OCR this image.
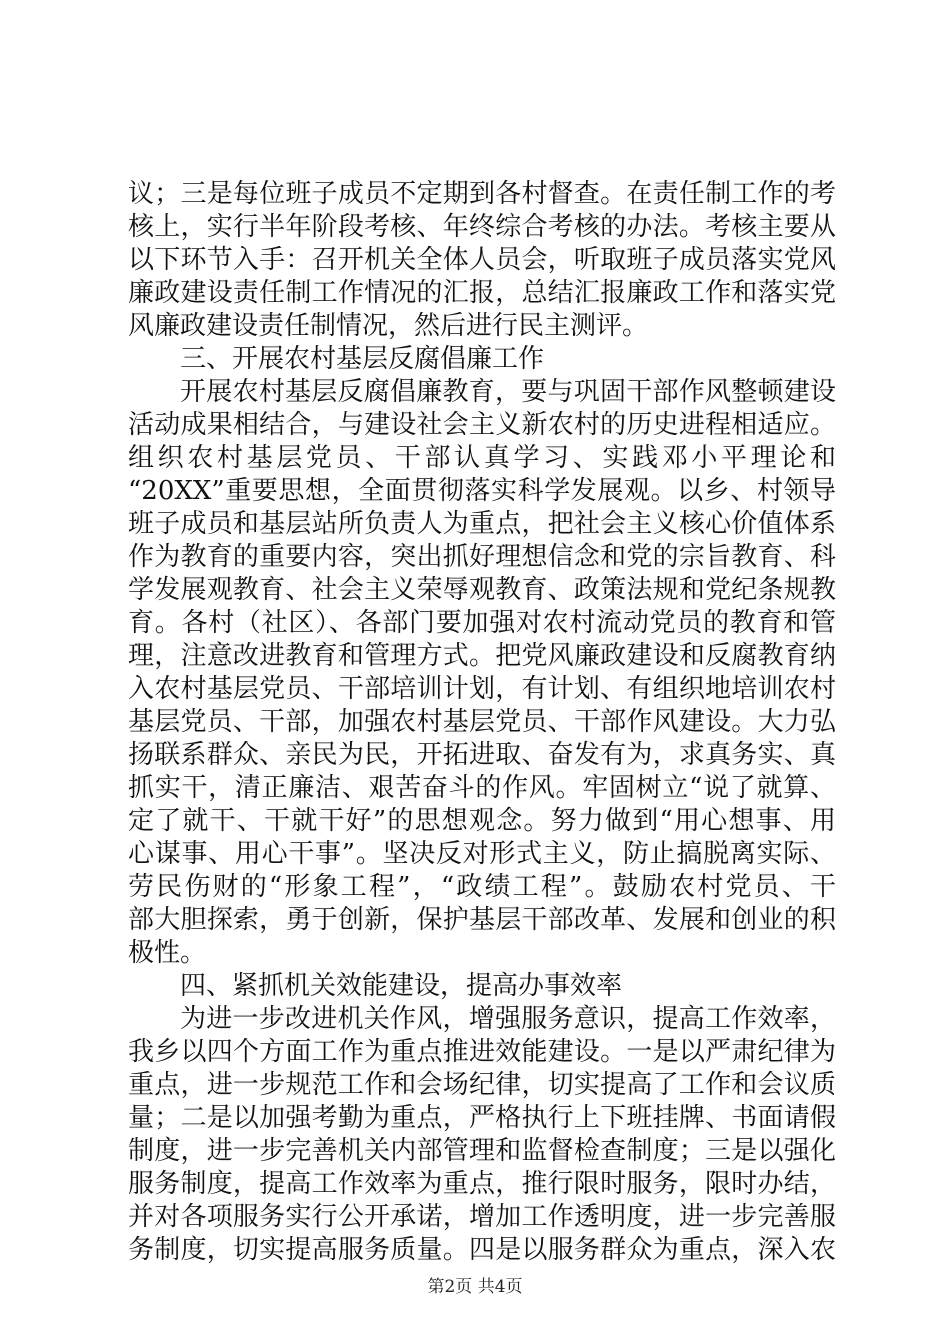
议；三是每位班子成员不定期到各村督查。在责任制工作的考
核上，实行半年阶段考核、年终综合考核的办法。考核主要从
以下环节入手：召开机关全体人员会，听取班子成员落实党风
廉政建设责任制工作情况的汇报，总结汇报廉政工作和落实党
风廉政建设责任制情况，然后进行民主测评。
三、开展农村基层反腐倡廉工作
开展农村基层反腐倡廉教育，要与巩固干部作风整顿建设
活动成果相结合，与建设社会主义新农村的历史进程相适应。
组织农村基层党员、干部认真学习、实践邓小平理论和
“20XX”重要思想，全面贯彻落实科学发展观。以乡、村领导
班子成员和基层站所负责人为重点，把社会主义核心价值体系
作为教育的重要内容，突出抓好理想信念和党的宗旨教育、科
学发展观教育、社会主义荣辱观教育、政策法规和党纪条规教
育。各村（社区）、各部门要加强对农村流动党员的教育和管
理，注意改进教育和管理方式。把党风廉政建设和反腐教育纳
入农村基层党员、干部培训计划，有计划、有组织地培训农村
基层党员、干部，加强农村基层党员、干部作风建设。大力弘
扬联系群众、亲民为民，开拓进取、奋发有为，求真务实、真
抓实干，清正廉洁、艰苦奋斗的作风。牢固树立“说了就算、
定了就干、干就干好”的思想观念。努力做到“用心想事、用
心谋事、用心干事”。坚决反对形式主义，防止搞脱离实际、
劳民伤财的“形象工程”，“政绩工程”。鼓励农村党员、干
部大胆探索，勇于创新，保护基层干部改革、发展和创业的积
极性。
四、紧抓机关效能建设，提高办事效率
为进一步改进机关作风，增强服务意识，提高工作效率，
我乡以四个方面工作为重点推进效能建设。一是以严肃纪律为
重点，进一步规范工作和会场纪律，切实提高了工作和会议质
量；二是以加强考勤为重点，严格执行上下班挂牌、书面请假
制度，进一步完善机关内部管理和监督检查制度；三是以强化
服务制度，提高工作效率为重点，推行限时服务，限时办结，
并对各项服务实行公开承诺，增加工作透明度，进一步完善服
务制度，切实提高服务质量。四是以服务群众为重点，深入农
第2页 共4页
